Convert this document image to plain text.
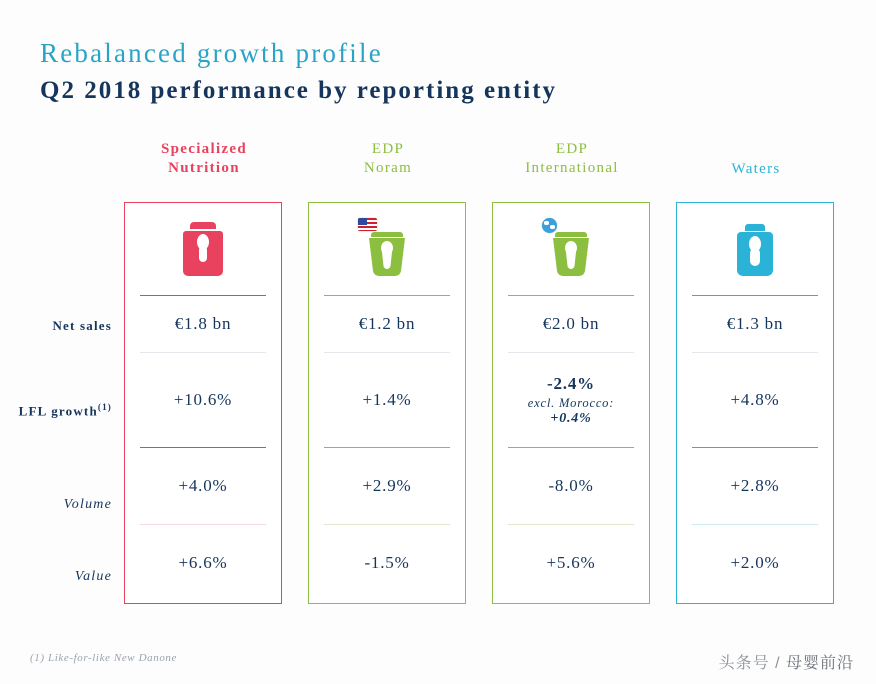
Rebalanced growth profile
Q2 2018 performance by reporting entity
Net sales
LFL growth$^{(1)}$
Volume
Value
Specialized
Nutrition
€1.8 bn
+10.6%
+4.0%
+6.6%
EDP
Noram
€1.2 bn
+1.4%
+2.9%
-1.5%
EDP
International
€2.0 bn
-2.4%
excl. Morocco:
+0.4%
-8.0%
+5.6%
Waters
€1.3 bn
+4.8%
+2.8%
+2.0%
(1) Like-for-like New Danone	头条号 / 母婴前沿
